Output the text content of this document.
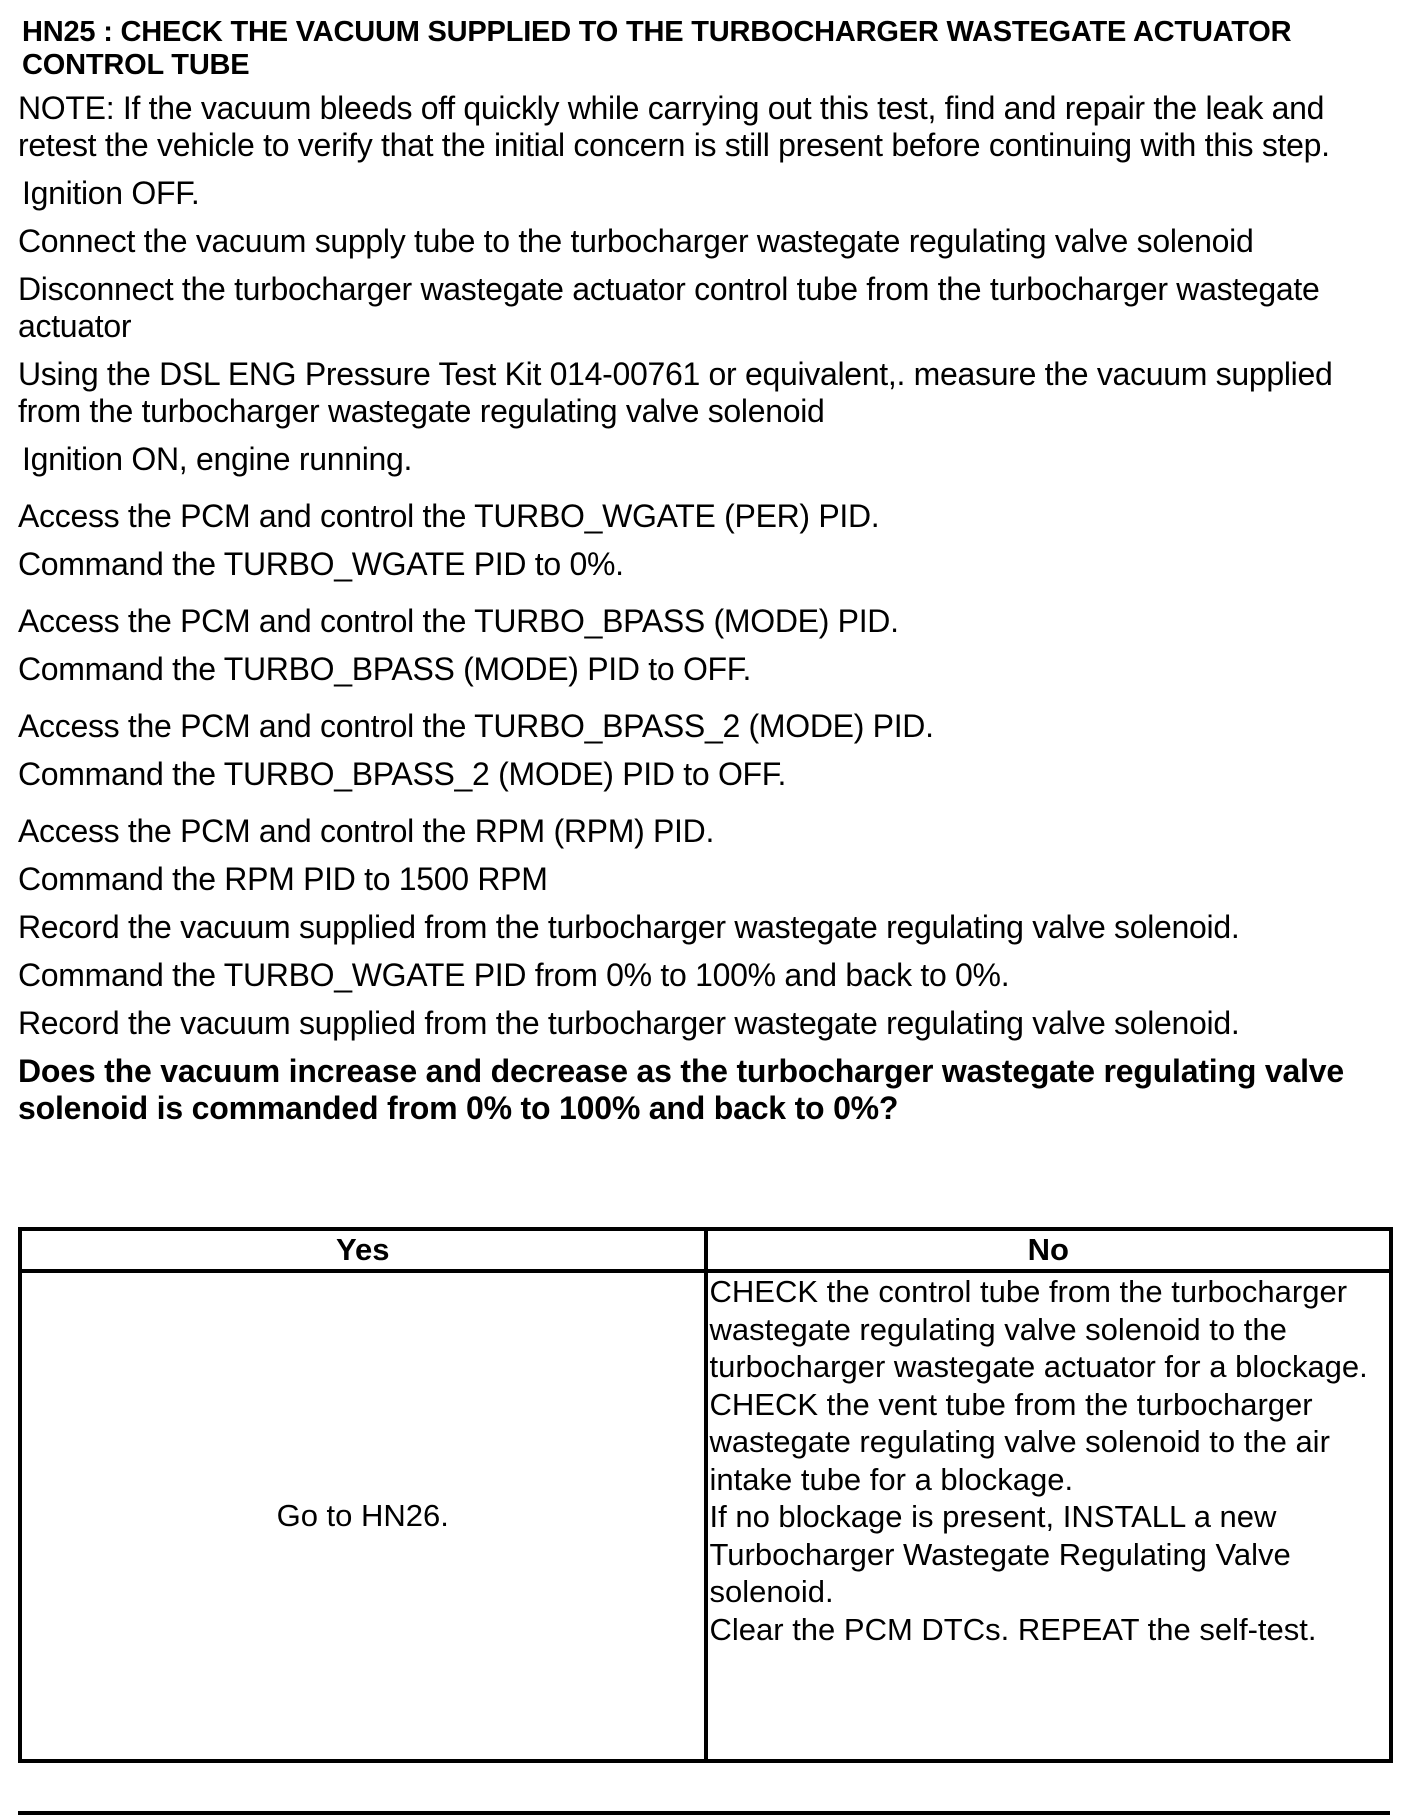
HN25 : CHECK THE VACUUM SUPPLIED TO THE TURBOCHARGER WASTEGATE ACTUATOR CONTROL TUBE
NOTE: If the vacuum bleeds off quickly while carrying out this test, find and repair the leak and retest the vehicle to verify that the initial concern is still present before continuing with this step.
Ignition OFF.
Connect the vacuum supply tube to the turbocharger wastegate regulating valve solenoid
Disconnect the turbocharger wastegate actuator control tube from the turbocharger wastegate actuator
Using the DSL ENG Pressure Test Kit 014-00761 or equivalent,. measure the vacuum supplied from the turbocharger wastegate regulating valve solenoid
Ignition ON, engine running.
Access the PCM and control the TURBO_WGATE (PER) PID.
Command the TURBO_WGATE PID to 0%.
Access the PCM and control the TURBO_BPASS (MODE) PID.
Command the TURBO_BPASS (MODE) PID to OFF.
Access the PCM and control the TURBO_BPASS_2 (MODE) PID.
Command the TURBO_BPASS_2 (MODE) PID to OFF.
Access the PCM and control the RPM (RPM) PID.
Command the RPM PID to 1500 RPM
Record the vacuum supplied from the turbocharger wastegate regulating valve solenoid.
Command the TURBO_WGATE PID from 0% to 100% and back to 0%.
Record the vacuum supplied from the turbocharger wastegate regulating valve solenoid.
Does the vacuum increase and decrease as the turbocharger wastegate regulating valve solenoid is commanded from 0% to 100% and back to 0%?
Yes	No
Go to HN26.	CHECK the control tube from the turbocharger wastegate regulating valve solenoid to the turbocharger wastegate actuator for a blockage.
CHECK the vent tube from the turbocharger wastegate regulating valve solenoid to the air intake tube for a blockage.
If no blockage is present, INSTALL a new Turbocharger Wastegate Regulating Valve solenoid.
Clear the PCM DTCs. REPEAT the self-test.
